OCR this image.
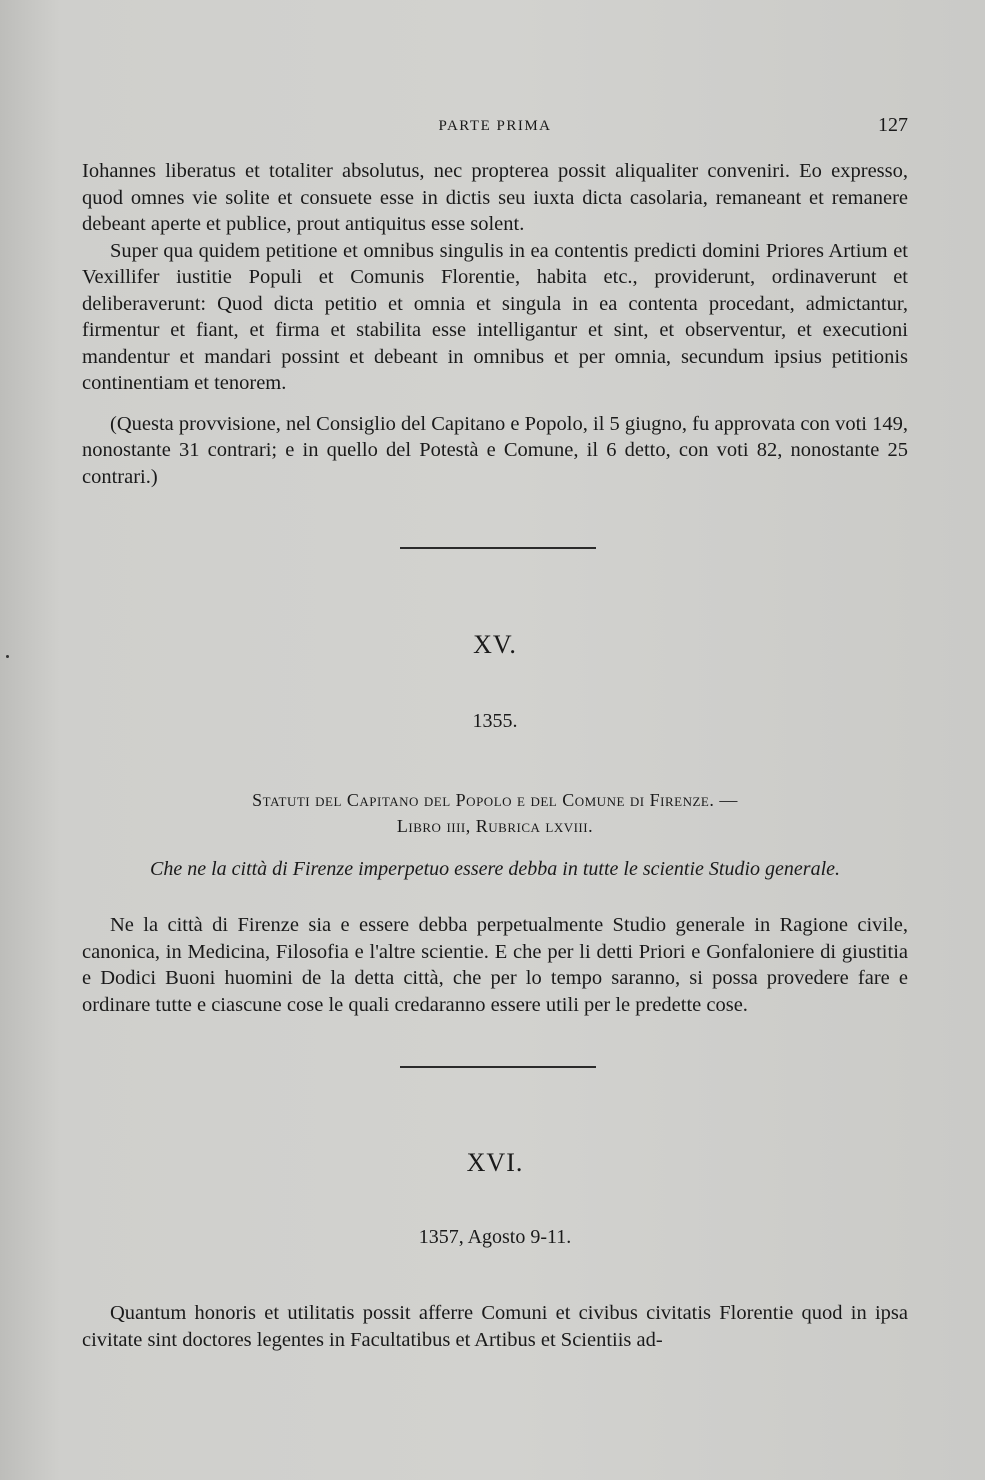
PARTE PRIMA	127

Iohannes liberatus et totaliter absolutus, nec propterea possit aliqualiter conveniri. Eo expresso, quod omnes vie solite et consuete esse in dictis seu iuxta dicta casolaria, remaneant et remanere debeant aperte et publice, prout antiquitus esse solent.

Super qua quidem petitione et omnibus singulis in ea contentis predicti domini Priores Artium et Vexillifer iustitie Populi et Comunis Florentie, habita etc., providerunt, ordinaverunt et deliberaverunt: Quod dicta petitio et omnia et singula in ea contenta procedant, admictantur, firmentur et fiant, et firma et stabilita esse intelligantur et sint, et observentur, et executioni mandentur et mandari possint et debeant in omnibus et per omnia, secundum ipsius petitionis continentiam et tenorem.

(Questa provvisione, nel Consiglio del Capitano e Popolo, il 5 giugno, fu approvata con voti 149, nonostante 31 contrari; e in quello del Potestà e Comune, il 6 detto, con voti 82, nonostante 25 contrari.)

XV.
1355.
Statuti del Capitano del Popolo e del Comune di Firenze. —
Libro iiii, Rubrica lxviii.
Che ne la città di Firenze imperpetuo essere debba in tutte le scientie Studio generale.

Ne la città di Firenze sia e essere debba perpetualmente Studio generale in Ragione civile, canonica, in Medicina, Filosofia e l'altre scientie. E che per li detti Priori e Gonfaloniere di giustitia e Dodici Buoni huomini de la detta città, che per lo tempo saranno, si possa provedere fare e ordinare tutte e ciascune cose le quali credaranno essere utili per le predette cose.

XVI.
1357, Agosto 9-11.

Quantum honoris et utilitatis possit afferre Comuni et civibus civitatis Florentie quod in ipsa civitate sint doctores legentes in Facultatibus et Artibus et Scientiis ad-
